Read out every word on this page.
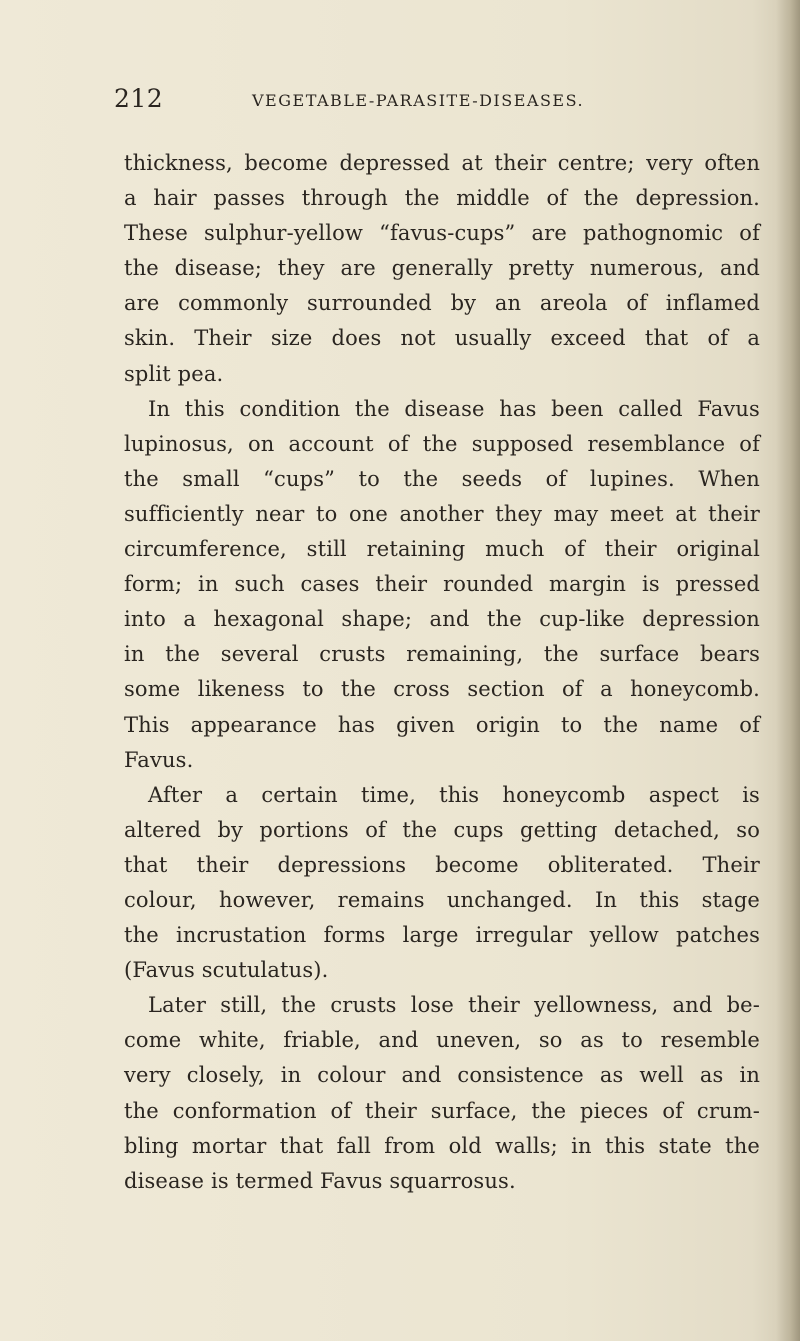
212	VEGETABLE-PARASITE-DISEASES.
thickness, become depressed at their centre; very often
a hair passes through the middle of the depression.
These sulphur-yellow “favus-cups” are pathognomic of
the disease; they are generally pretty numerous, and
are commonly surrounded by an areola of inflamed
skin. Their size does not usually exceed that of a
split pea.
In this condition the disease has been called Favus
lupinosus, on account of the supposed resemblance of
the small “cups” to the seeds of lupines. When
sufficiently near to one another they may meet at their
circumference, still retaining much of their original
form; in such cases their rounded margin is pressed
into a hexagonal shape; and the cup-like depression
in the several crusts remaining, the surface bears
some likeness to the cross section of a honeycomb.
This appearance has given origin to the name of
Favus.
After a certain time, this honeycomb aspect is
altered by portions of the cups getting detached, so
that their depressions become obliterated. Their
colour, however, remains unchanged. In this stage
the incrustation forms large irregular yellow patches
(Favus scutulatus).
Later still, the crusts lose their yellowness, and be-
come white, friable, and uneven, so as to resemble
very closely, in colour and consistence as well as in
the conformation of their surface, the pieces of crum-
bling mortar that fall from old walls; in this state the
disease is termed Favus squarrosus.
